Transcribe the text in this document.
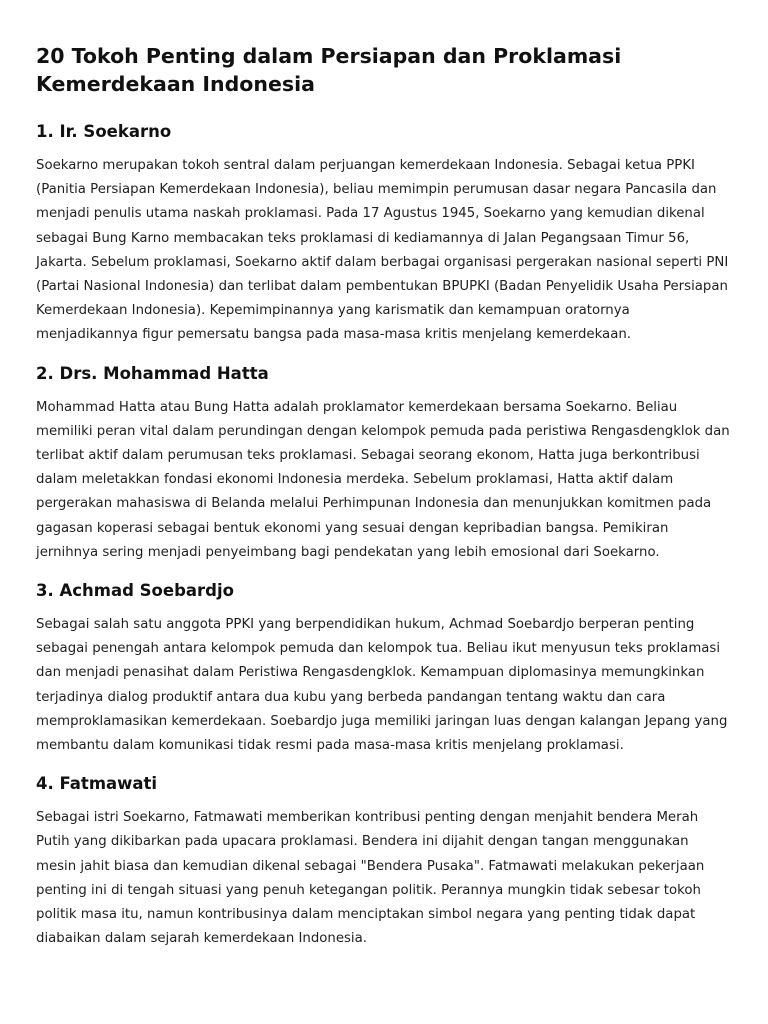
20 Tokoh Penting dalam Persiapan dan Proklamasi Kemerdekaan Indonesia
1. Ir. Soekarno

Soekarno merupakan tokoh sentral dalam perjuangan kemerdekaan Indonesia. Sebagai ketua PPKI (Panitia Persiapan Kemerdekaan Indonesia), beliau memimpin perumusan dasar negara Pancasila dan menjadi penulis utama naskah proklamasi. Pada 17 Agustus 1945, Soekarno yang kemudian dikenal sebagai Bung Karno membacakan teks proklamasi di kediamannya di Jalan Pegangsaan Timur 56, Jakarta. Sebelum proklamasi, Soekarno aktif dalam berbagai organisasi pergerakan nasional seperti PNI (Partai Nasional Indonesia) dan terlibat dalam pembentukan BPUPKI (Badan Penyelidik Usaha Persiapan Kemerdekaan Indonesia). Kepemimpinannya yang karismatik dan kemampuan oratornya menjadikannya figur pemersatu bangsa pada masa-masa kritis menjelang kemerdekaan.

2. Drs. Mohammad Hatta

Mohammad Hatta atau Bung Hatta adalah proklamator kemerdekaan bersama Soekarno. Beliau memiliki peran vital dalam perundingan dengan kelompok pemuda pada peristiwa Rengasdengklok dan terlibat aktif dalam perumusan teks proklamasi. Sebagai seorang ekonom, Hatta juga berkontribusi dalam meletakkan fondasi ekonomi Indonesia merdeka. Sebelum proklamasi, Hatta aktif dalam pergerakan mahasiswa di Belanda melalui Perhimpunan Indonesia dan menunjukkan komitmen pada gagasan koperasi sebagai bentuk ekonomi yang sesuai dengan kepribadian bangsa. Pemikiran jernihnya sering menjadi penyeimbang bagi pendekatan yang lebih emosional dari Soekarno.

3. Achmad Soebardjo

Sebagai salah satu anggota PPKI yang berpendidikan hukum, Achmad Soebardjo berperan penting sebagai penengah antara kelompok pemuda dan kelompok tua. Beliau ikut menyusun teks proklamasi dan menjadi penasihat dalam Peristiwa Rengasdengklok. Kemampuan diplomasinya memungkinkan terjadinya dialog produktif antara dua kubu yang berbeda pandangan tentang waktu dan cara memproklamasikan kemerdekaan. Soebardjo juga memiliki jaringan luas dengan kalangan Jepang yang membantu dalam komunikasi tidak resmi pada masa-masa kritis menjelang proklamasi.

4. Fatmawati

Sebagai istri Soekarno, Fatmawati memberikan kontribusi penting dengan menjahit bendera Merah Putih yang dikibarkan pada upacara proklamasi. Bendera ini dijahit dengan tangan menggunakan mesin jahit biasa dan kemudian dikenal sebagai "Bendera Pusaka". Fatmawati melakukan pekerjaan penting ini di tengah situasi yang penuh ketegangan politik. Perannya mungkin tidak sebesar tokoh politik masa itu, namun kontribusinya dalam menciptakan simbol negara yang penting tidak dapat diabaikan dalam sejarah kemerdekaan Indonesia.
